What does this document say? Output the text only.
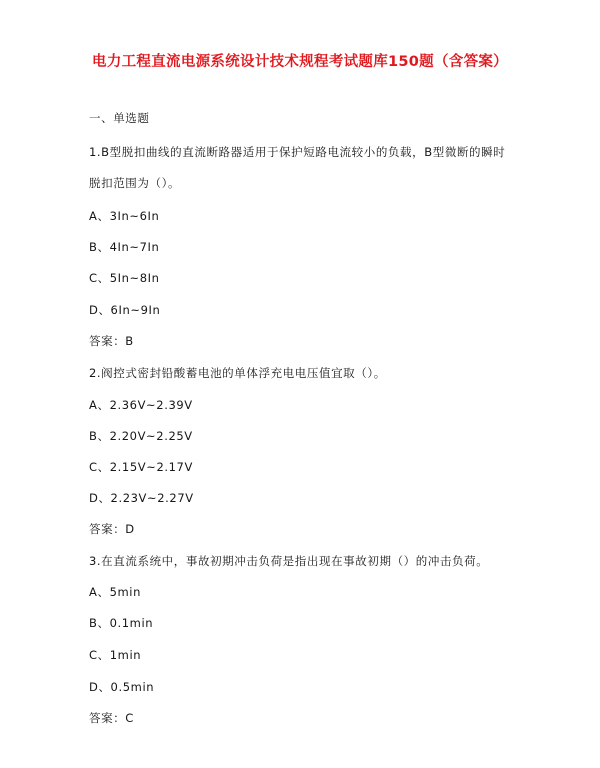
电力工程直流电源系统设计技术规程考试题库150题（含答案）
一、单选题
1.B型脱扣曲线的直流断路器适用于保护短路电流较小的负载，B型微断的瞬时
脱扣范围为（）。
A、3In~6In
B、4In~7In
C、5In~8In
D、6In~9In
答案：B
2.阀控式密封铅酸蓄电池的单体浮充电电压值宜取（）。
A、2.36V~2.39V
B、2.20V~2.25V
C、2.15V~2.17V
D、2.23V~2.27V
答案：D
3.在直流系统中，事故初期冲击负荷是指出现在事故初期（）的冲击负荷。
A、5min
B、0.1min
C、1min
D、0.5min
答案：C
